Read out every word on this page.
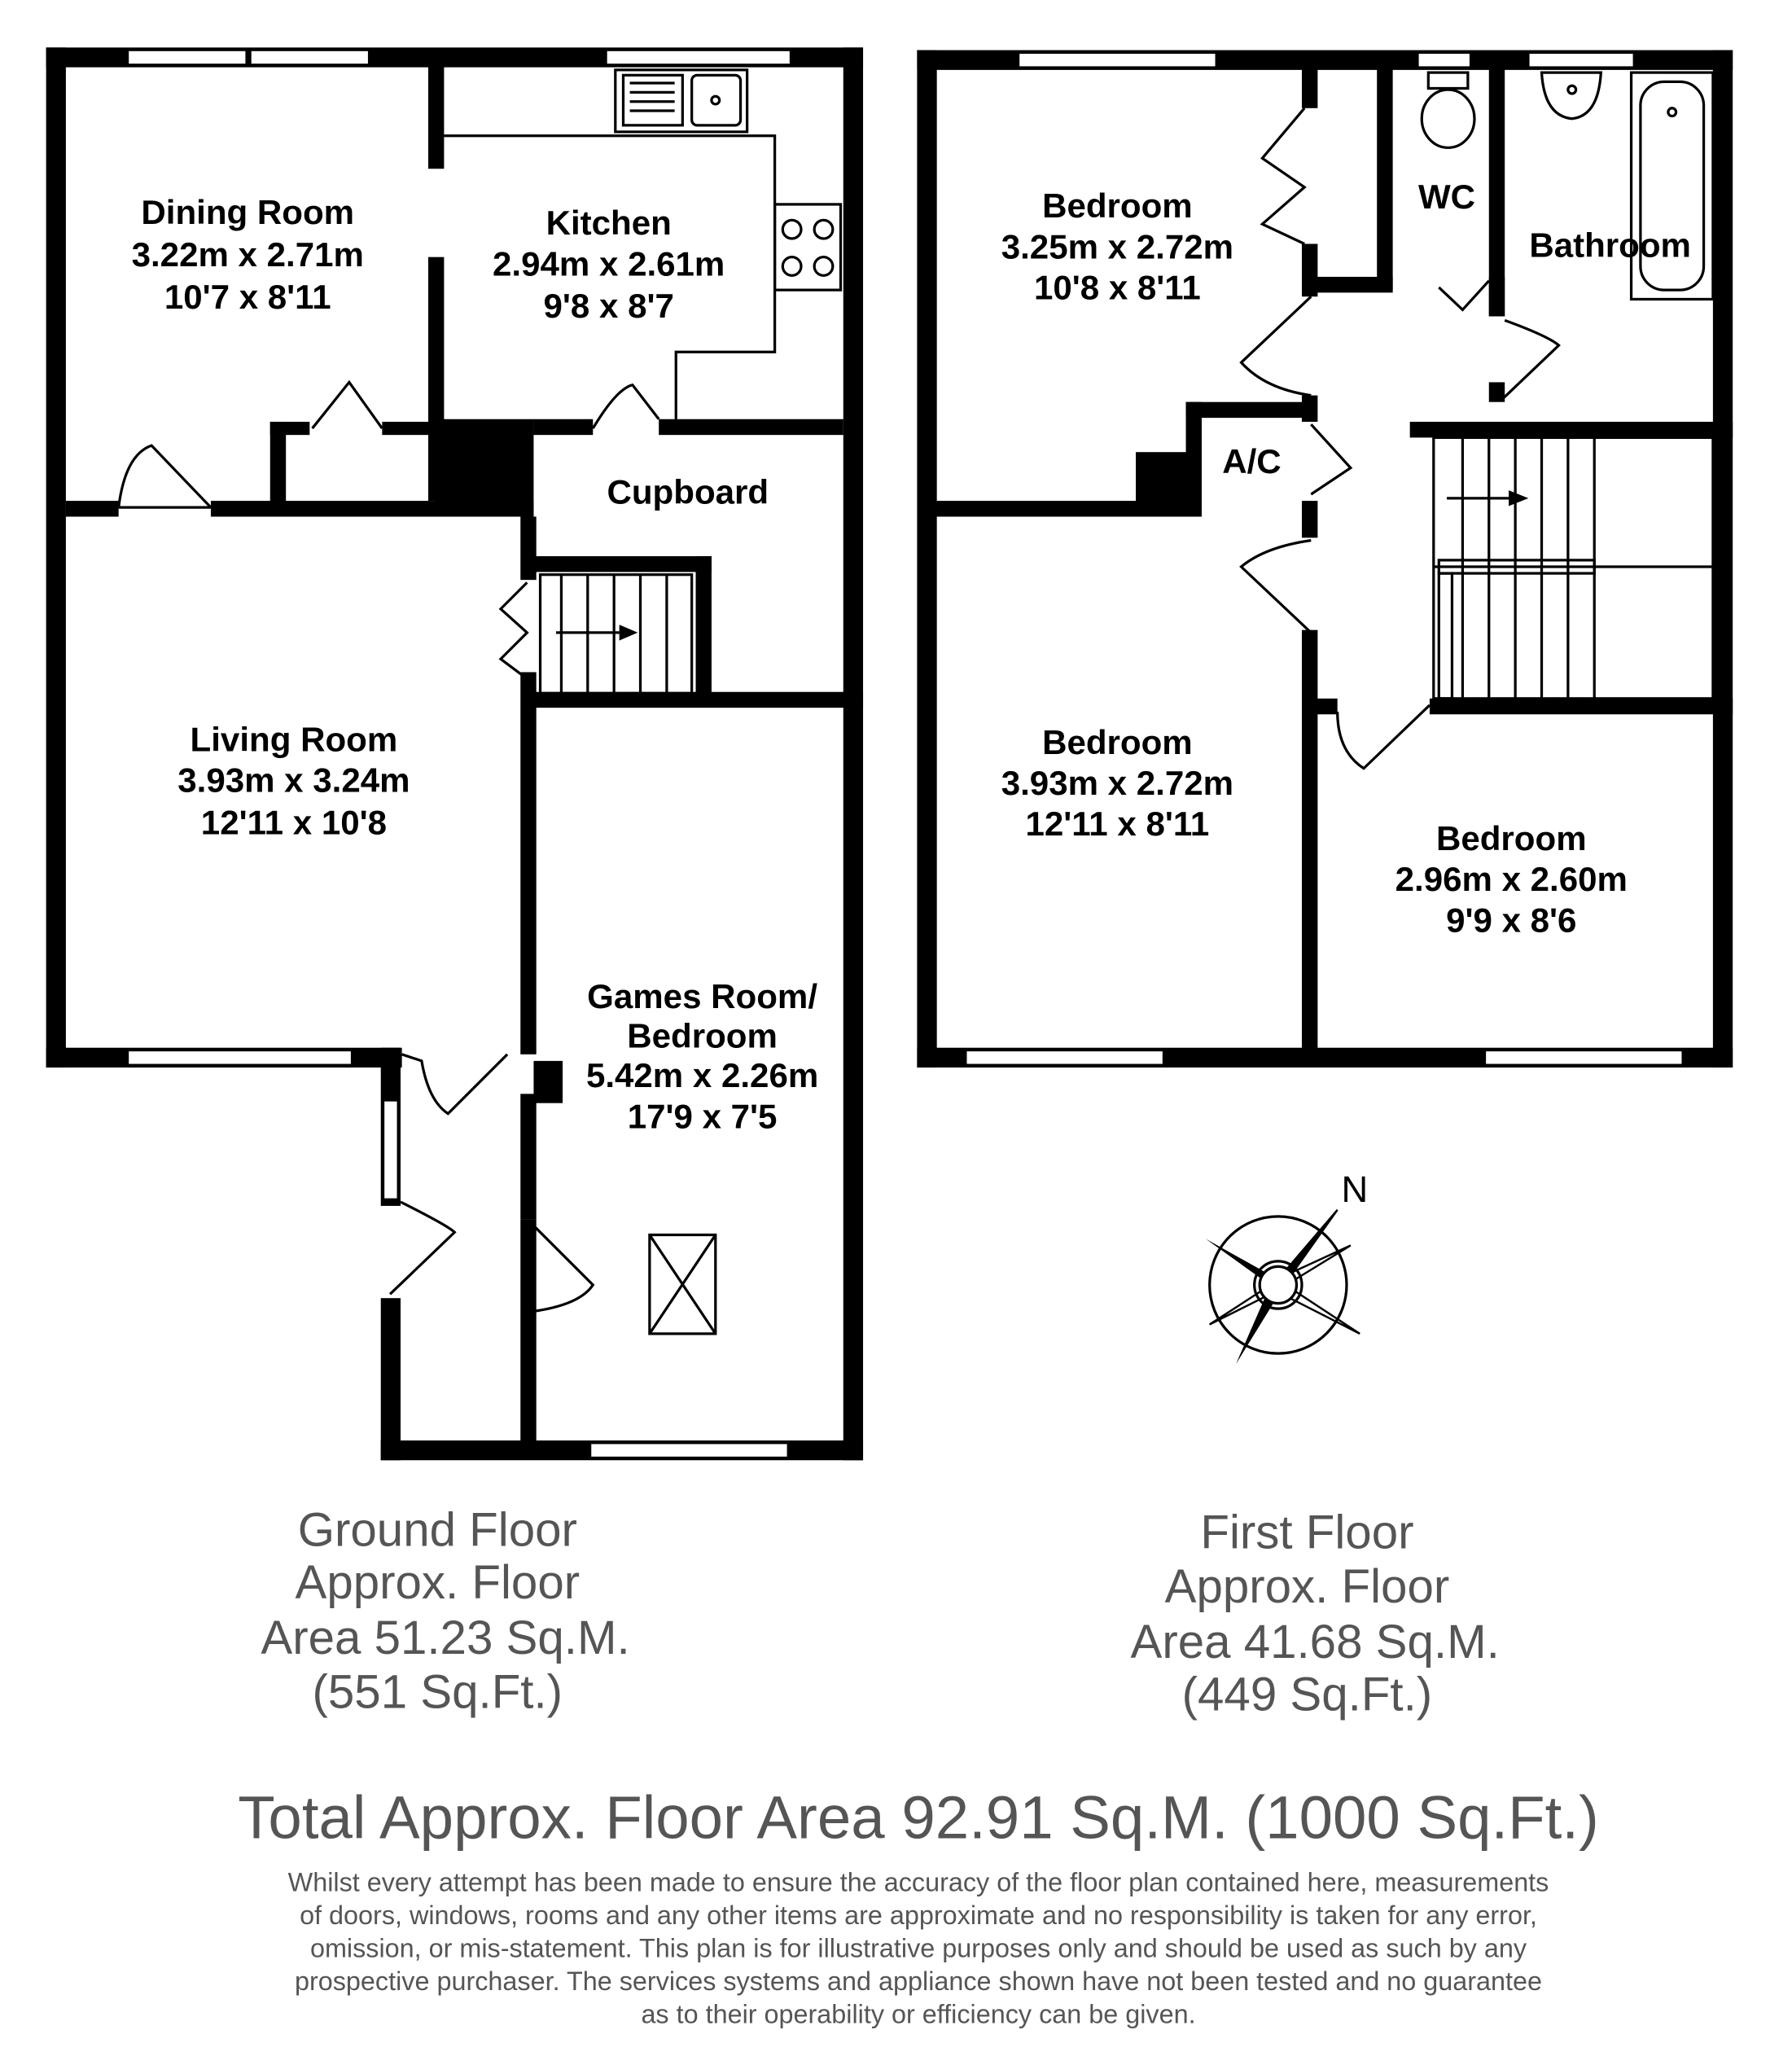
Dining Room
3.22m x 2.71m
10'7 x 8'11
Kitchen
2.94m x 2.61m
9'8 x 8'7
Cupboard
Living Room
3.93m x 3.24m
12'11 x 10'8
Games Room/
Bedroom
5.42m x 2.26m
17'9 x 7'5
Bedroom
3.25m x 2.72m
10'8 x 8'11
WC
Bathroom
A/C
Bedroom
3.93m x 2.72m
12'11 x 8'11	Bedroom
2.96m x 2.60m
9'9 x 8'6
N
Ground Floor
Approx. Floor
Area 51.23 Sq.M.
(551 Sq.Ft.)
First Floor
Approx. Floor
Area 41.68 Sq.M.
(449 Sq.Ft.)
Total Approx. Floor Area 92.91 Sq.M. (1000 Sq.Ft.)
Whilst every attempt has been made to ensure the accuracy of the floor plan contained here, measurements
of doors, windows, rooms and any other items are approximate and no responsibility is taken for any error,
omission, or mis-statement. This plan is for illustrative purposes only and should be used as such by any
prospective purchaser. The services systems and appliance shown have not been tested and no guarantee
as to their operability or efficiency can be given.
